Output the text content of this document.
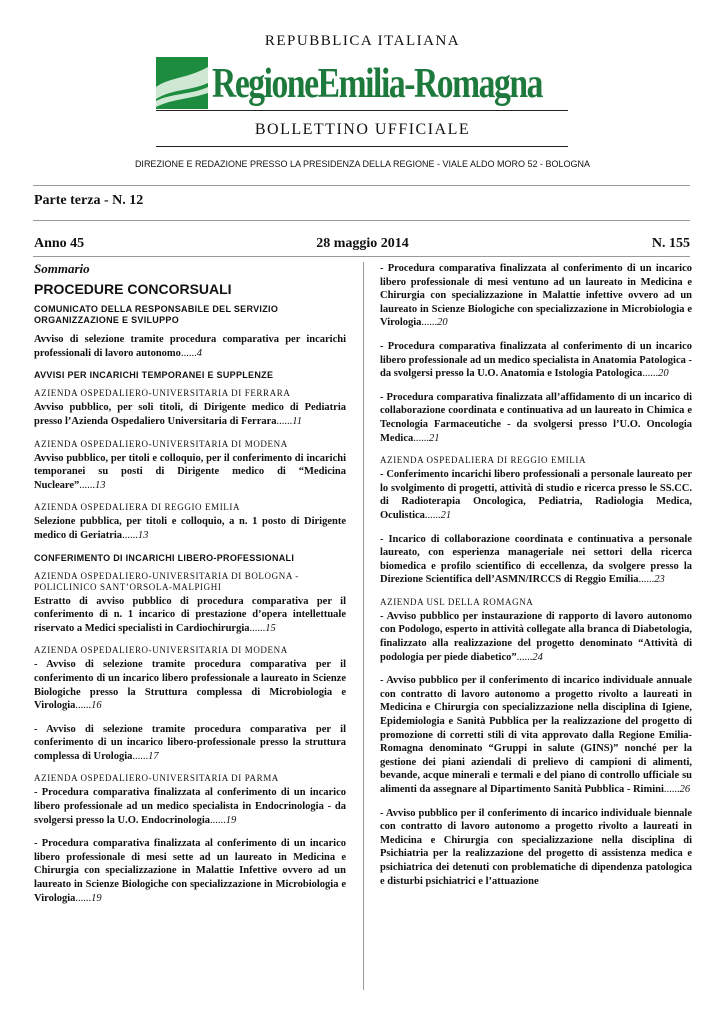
REPUBBLICA ITALIANA
RegioneEmilia-Romagna
BOLLETTINO UFFICIALE
DIREZIONE E REDAZIONE PRESSO LA PRESIDENZA DELLA REGIONE - VIALE ALDO MORO 52 - BOLOGNA
Parte terza - N. 12
Anno 45	28 maggio 2014	N. 155
Sommario
PROCEDURE CONCORSUALI
COMUNICATO DELLA RESPONSABILE DEL SERVIZIO ORGANIZZAZIONE E SVILUPPO
Avviso di selezione tramite procedura comparativa per incarichi professionali di lavoro autonomo......4
AVVISI PER INCARICHI TEMPORANEI E SUPPLENZE
AZIENDA OSPEDALIERO-UNIVERSITARIA DI FERRARA
Avviso pubblico, per soli titoli, di Dirigente medico di Pediatria presso l’Azienda Ospedaliero Universitaria di Ferrara......11
AZIENDA OSPEDALIERO-UNIVERSITARIA DI MODENA
Avviso pubblico, per titoli e colloquio, per il conferimento di incarichi temporanei su posti di Dirigente medico di “Medicina Nucleare”......13
AZIENDA OSPEDALIERA DI REGGIO EMILIA
Selezione pubblica, per titoli e colloquio, a n. 1 posto di Dirigente medico di Geriatria......13
CONFERIMENTO DI INCARICHI LIBERO-PROFESSIONALI
AZIENDA OSPEDALIERO-UNIVERSITARIA DI BOLOGNA - POLICLINICO SANT’ORSOLA-MALPIGHI
Estratto di avviso pubblico di procedura comparativa per il conferimento di n. 1 incarico di prestazione d’opera intellettuale riservato a Medici specialisti in Cardiochirurgia......15
AZIENDA OSPEDALIERO-UNIVERSITARIA DI MODENA
- Avviso di selezione tramite procedura comparativa per il conferimento di un incarico libero professionale a laureato in Scienze Biologiche presso la Struttura complessa di Microbiologia e Virologia......16
- Avviso di selezione tramite procedura comparativa per il conferimento di un incarico libero-professionale presso la struttura complessa di Urologia......17
AZIENDA OSPEDALIERO-UNIVERSITARIA DI PARMA
- Procedura comparativa finalizzata al conferimento di un incarico libero professionale ad un medico specialista in Endocrinologia - da svolgersi presso la U.O. Endocrinologia......19
- Procedura comparativa finalizzata al conferimento di un incarico libero professionale di mesi sette ad un laureato in Medicina e Chirurgia con specializzazione in Malattie Infettive ovvero ad un laureato in Scienze Biologiche con specializzazione in Microbiologia e Virologia......19
- Procedura comparativa finalizzata al conferimento di un incarico libero professionale di mesi ventuno ad un laureato in Medicina e Chirurgia con specializzazione in Malattie infettive ovvero ad un laureato in Scienze Biologiche con specializzazione in Microbiologia e Virologia......20
- Procedura comparativa finalizzata al conferimento di un incarico libero professionale ad un medico specialista in Anatomia Patologica - da svolgersi presso la U.O. Anatomia e Istologia Patologica......20
- Procedura comparativa finalizzata all’affidamento di un incarico di collaborazione coordinata e continuativa ad un laureato in Chimica e Tecnologia Farmaceutiche - da svolgersi presso l’U.O. Oncologia Medica......21
AZIENDA OSPEDALIERA DI REGGIO EMILIA
- Conferimento incarichi libero professionali a personale laureato per lo svolgimento di progetti, attività di studio e ricerca presso le SS.CC. di Radioterapia Oncologica, Pediatria, Radiologia Medica, Oculistica......21
- Incarico di collaborazione coordinata e continuativa a personale laureato, con esperienza manageriale nei settori della ricerca biomedica e profilo scientifico di eccellenza, da svolgere presso la Direzione Scientifica dell’ASMN/IRCCS di Reggio Emilia......23
AZIENDA USL DELLA ROMAGNA
- Avviso pubblico per instaurazione di rapporto di lavoro autonomo con Podologo, esperto in attività collegate alla branca di Diabetologia, finalizzato alla realizzazione del progetto denominato “Attività di podologia per piede diabetico”......24
- Avviso pubblico per il conferimento di incarico individuale annuale con contratto di lavoro autonomo a progetto rivolto a laureati in Medicina e Chirurgia con specializzazione nella disciplina di Igiene, Epidemiologia e Sanità Pubblica per la realizzazione del progetto di promozione di corretti stili di vita approvato dalla Regione Emilia-Romagna denominato “Gruppi in salute (GINS)” nonché per la gestione dei piani aziendali di prelievo di campioni di alimenti, bevande, acque minerali e termali e del piano di controllo ufficiale su alimenti da assegnare al Dipartimento Sanità Pubblica - Rimini......26
- Avviso pubblico per il conferimento di incarico individuale biennale con contratto di lavoro autonomo a progetto rivolto a laureati in Medicina e Chirurgia con specializzazione nella disciplina di Psichiatria per la realizzazione del progetto di assistenza medica e psichiatrica dei detenuti con problematiche di dipendenza patologica e disturbi psichiatrici e l’attuazione
